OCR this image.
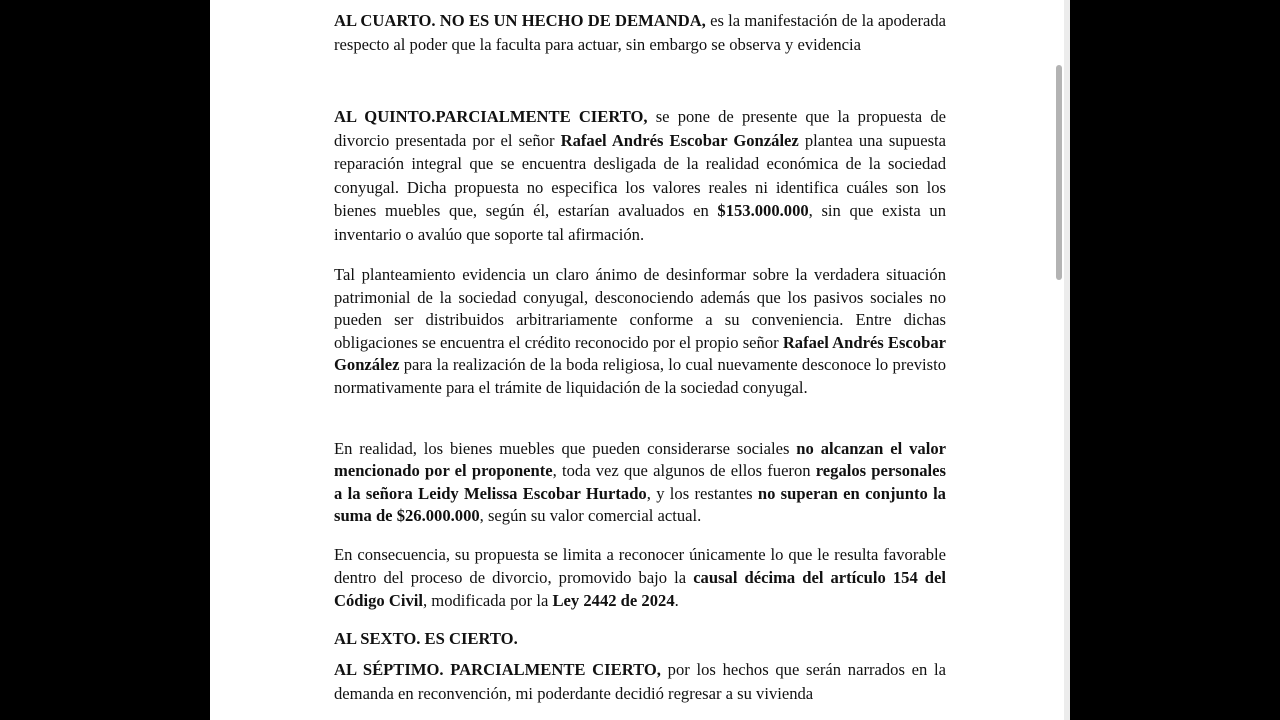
AL CUARTO. NO ES UN HECHO DE DEMANDA, es la manifestación de la apoderada respecto al poder que la faculta para actuar, sin embargo se observa y evidencia

AL QUINTO.PARCIALMENTE CIERTO, se pone de presente que la propuesta de divorcio presentada por el señor Rafael Andrés Escobar González plantea una supuesta reparación integral que se encuentra desligada de la realidad económica de la sociedad conyugal. Dicha propuesta no especifica los valores reales ni identifica cuáles son los bienes muebles que, según él, estarían avaluados en $153.000.000, sin que exista un inventario o avalúo que soporte tal afirmación.

Tal planteamiento evidencia un claro ánimo de desinformar sobre la verdadera situación patrimonial de la sociedad conyugal, desconociendo además que los pasivos sociales no pueden ser distribuidos arbitrariamente conforme a su conveniencia. Entre dichas obligaciones se encuentra el crédito reconocido por el propio señor Rafael Andrés Escobar González para la realización de la boda religiosa, lo cual nuevamente desconoce lo previsto normativamente para el trámite de liquidación de la sociedad conyugal.

En realidad, los bienes muebles que pueden considerarse sociales no alcanzan el valor mencionado por el proponente, toda vez que algunos de ellos fueron regalos personales a la señora Leidy Melissa Escobar Hurtado, y los restantes no superan en conjunto la suma de $26.000.000, según su valor comercial actual.

En consecuencia, su propuesta se limita a reconocer únicamente lo que le resulta favorable dentro del proceso de divorcio, promovido bajo la causal décima del artículo 154 del Código Civil, modificada por la Ley 2442 de 2024.

AL SEXTO. ES CIERTO.

AL SÉPTIMO. PARCIALMENTE CIERTO, por los hechos que serán narrados en la demanda en reconvención, mi poderdante decidió regresar a su vivienda
